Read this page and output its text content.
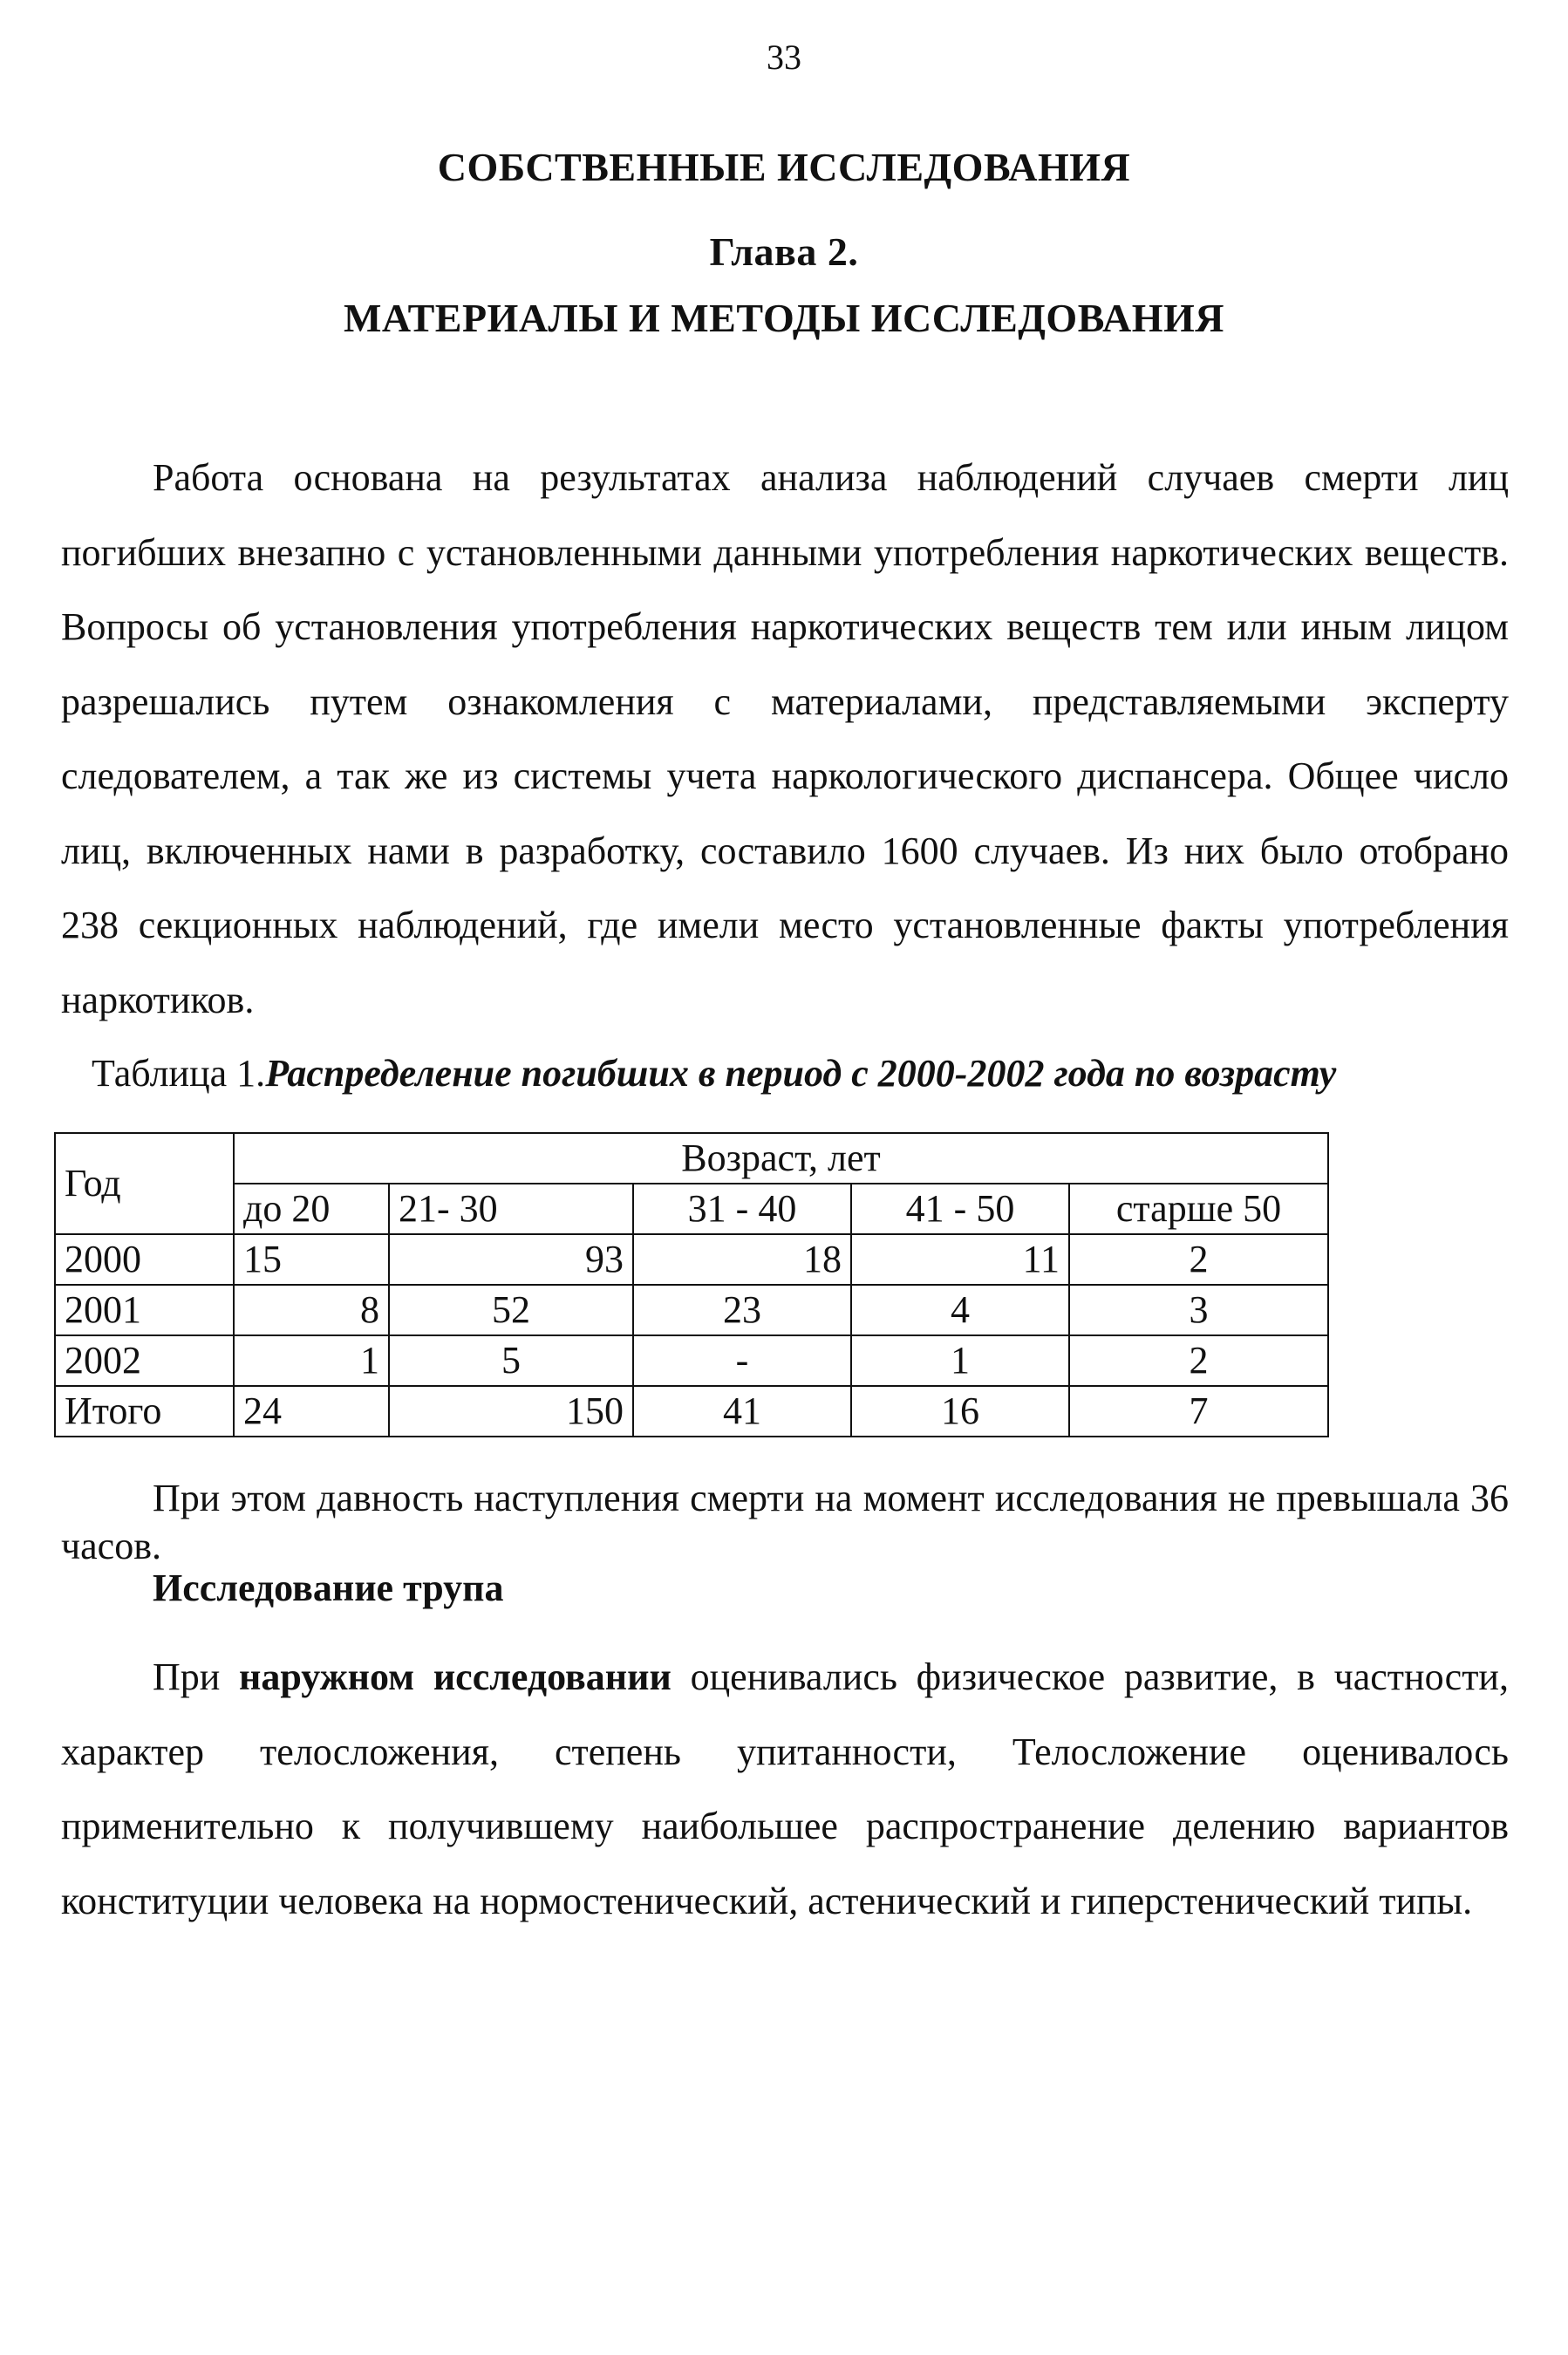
33
СОБСТВЕННЫЕ ИССЛЕДОВАНИЯ
Глава 2.
МАТЕРИАЛЫ И МЕТОДЫ ИССЛЕДОВАНИЯ

Работа основана на результатах анализа наблюдений случаев смерти лиц погибших внезапно с установленными данными употребления наркотических веществ. Вопросы об установления употребления наркотических веществ тем или иным лицом разрешались путем ознакомления с материалами, представляемыми эксперту следователем, а так же из системы учета наркологического диспансера. Общее число лиц, включенных нами в разработку, составило 1600 случаев. Из них было отобрано 238 секционных наблюдений, где имели место установленные факты употребления наркотиков.

Таблица 1.Распределение погибших в период с 2000-2002 года по возрасту
Год	Возраст, лет				
	до 20	21- 30	31 - 40	41 - 50	старше 50
2000	15	93	18	11	2
2001	8	52	23	4	3
2002	1	5	-	1	2
Итого	24	150	41	16	7

При этом давность наступления смерти на момент исследования не превышала 36 часов.

Исследование трупа

При наружном исследовании оценивались физическое развитие, в частности, характер телосложения, степень упитанности, Телосложение оценивалось применительно к получившему наибольшее распространение делению вариантов конституции человека на нормостенический, астенический и гиперстенический типы.
